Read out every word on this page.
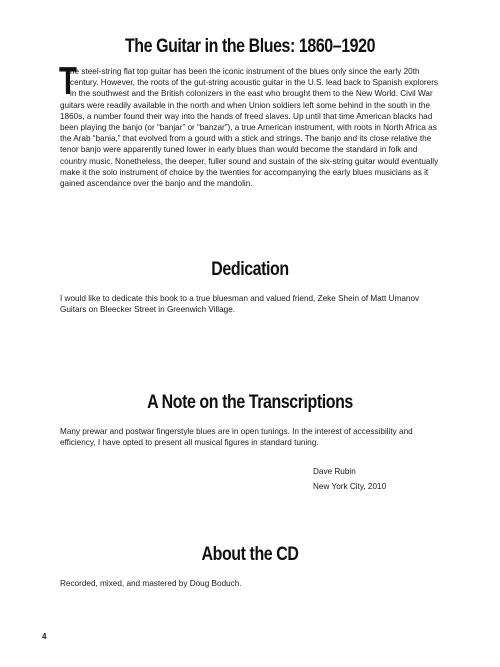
The Guitar in the Blues: 1860–1920
T

he steel-string flat top guitar has been the iconic instrument of the blues only since the early 20th century. However, the roots of the gut-string acoustic guitar in the U.S. lead back to Spanish explorers in the southwest and the British colonizers in the east who brought them to the New World. Civil War guitars were readily available in the north and when Union soldiers left some behind in the south in the 1860s, a number found their way into the hands of freed slaves. Up until that time American blacks had been playing the banjo (or “banjar” or “banzar”), a true American instrument, with roots in North Africa as the Arab “bania,” that evolved from a gourd with a stick and strings. The banjo and its close relative the tenor banjo were apparently tuned lower in early blues than would become the standard in folk and country music. Nonetheless, the deeper, fuller sound and sustain of the six-string guitar would eventually make it the solo instrument of choice by the twenties for accompanying the early blues musicians as it gained ascendance over the banjo and the mandolin.

Dedication

I would like to dedicate this book to a true bluesman and valued friend, Zeke Shein of Matt Umanov Guitars on Bleecker Street in Greenwich Village.

A Note on the Transcriptions

Many prewar and postwar fingerstyle blues are in open tunings. In the interest of accessibility and efficiency, I have opted to present all musical figures in standard tuning.

Dave Rubin

New York City, 2010

About the CD

Recorded, mixed, and mastered by Doug Boduch.

4
